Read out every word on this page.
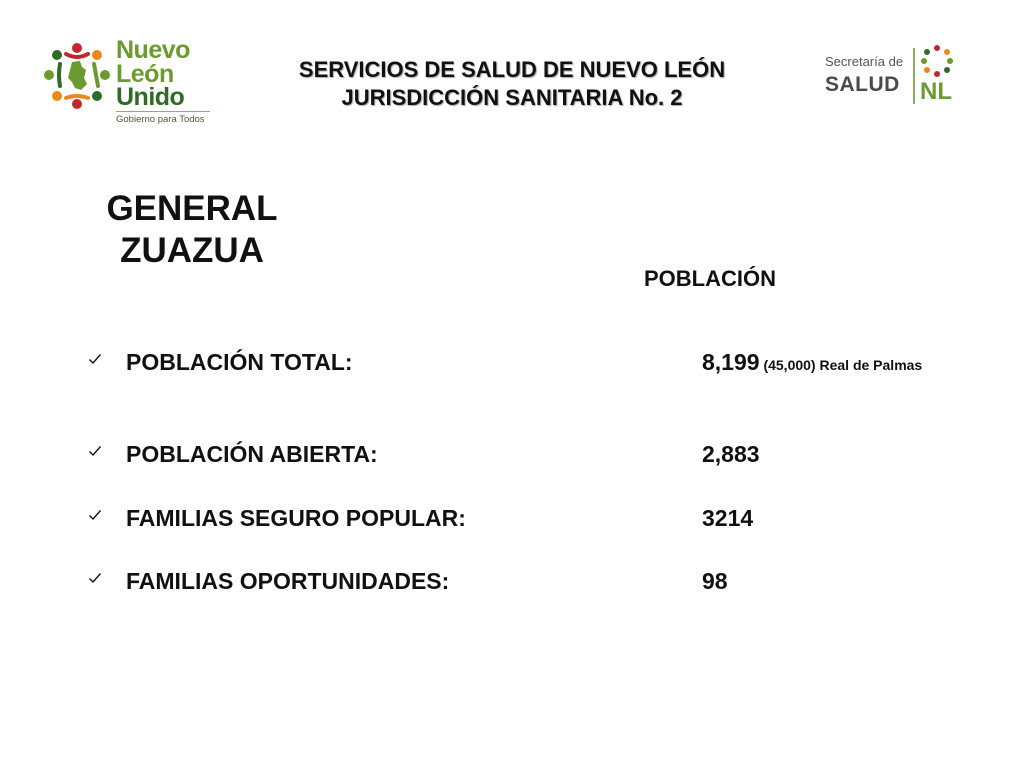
Nuevo
León
Unido
Gobierno para Todos
SERVICIOS DE SALUD DE NUEVO LEÓN
JURISDICCIÓN SANITARIA No. 2
Secretaría de
SALUD NL
GENERAL
ZUAZUA
POBLACIÓN
POBLACIÓN TOTAL:	8,199 (45,000) Real de Palmas
POBLACIÓN ABIERTA:	2,883
FAMILIAS SEGURO POPULAR:	3214
FAMILIAS OPORTUNIDADES:	98
